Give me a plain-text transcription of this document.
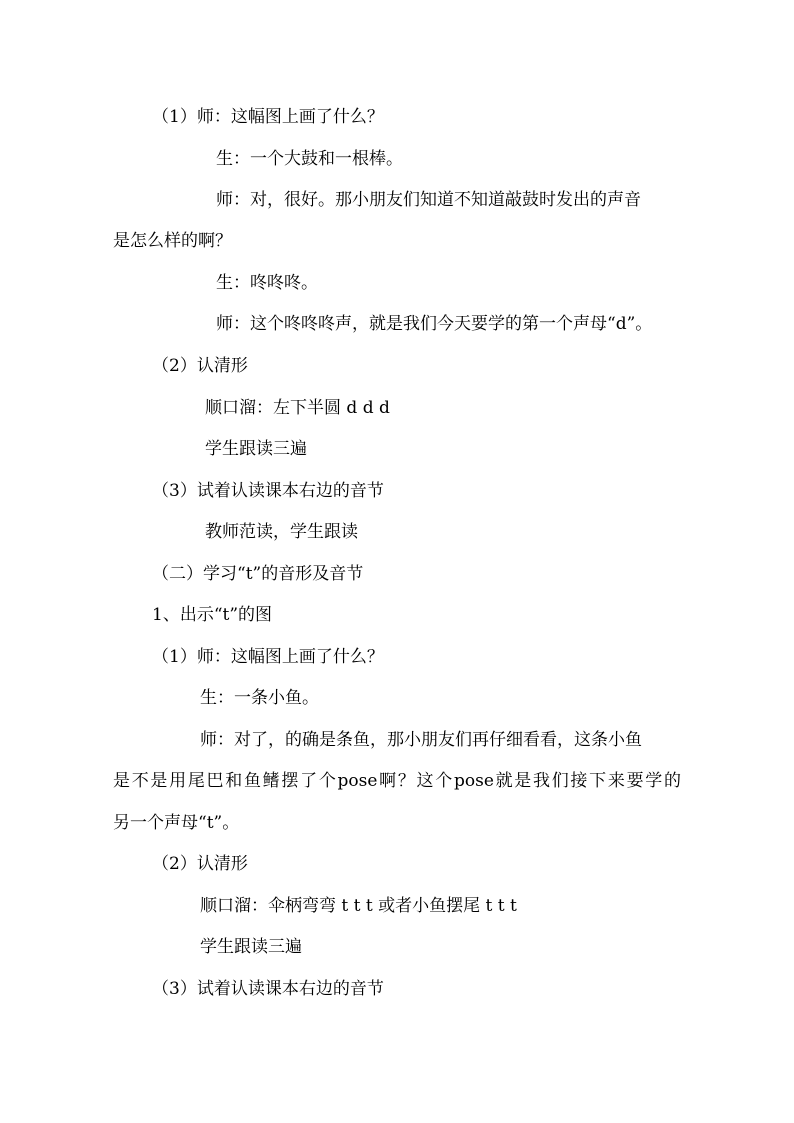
（1）师：这幅图上画了什么？
生：一个大鼓和一根棒。
师：对，很好。那小朋友们知道不知道敲鼓时发出的声音
是怎么样的啊？
生：咚咚咚。
师：这个咚咚咚声，就是我们今天要学的第一个声母“d”。
（2）认清形
顺口溜：左下半圆 d d d
学生跟读三遍
（3）试着认读课本右边的音节
教师范读，学生跟读
（二）学习“t”的音形及音节
1、出示“t”的图
（1）师：这幅图上画了什么？
生：一条小鱼。
师：对了，的确是条鱼，那小朋友们再仔细看看，这条小鱼
是不是用尾巴和鱼鳍摆了个pose啊？这个pose就是我们接下来要学的
另一个声母“t”。
（2）认清形
顺口溜：伞柄弯弯 t t t 或者小鱼摆尾 t t t
学生跟读三遍
（3）试着认读课本右边的音节
